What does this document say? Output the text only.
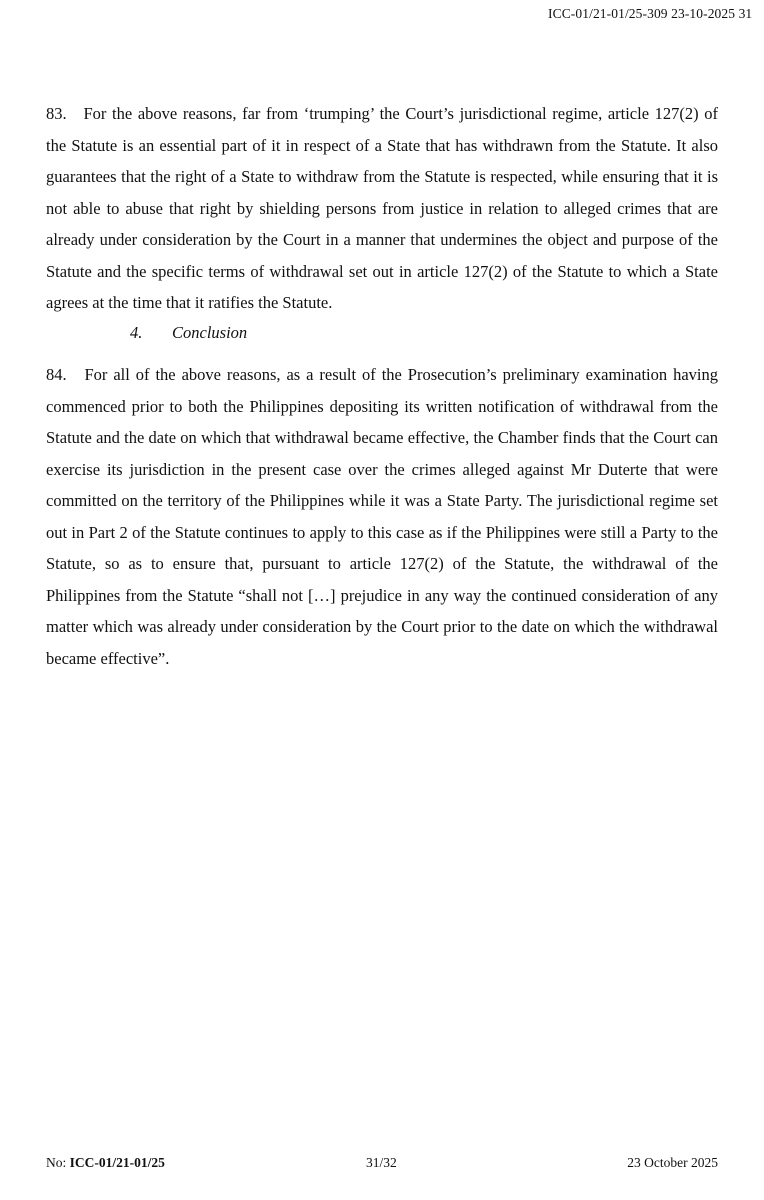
ICC-01/21-01/25-309 23-10-2025 31
83. For the above reasons, far from ‘trumping’ the Court’s jurisdictional regime, article 127(2) of the Statute is an essential part of it in respect of a State that has withdrawn from the Statute. It also guarantees that the right of a State to withdraw from the Statute is respected, while ensuring that it is not able to abuse that right by shielding persons from justice in relation to alleged crimes that are already under consideration by the Court in a manner that undermines the object and purpose of the Statute and the specific terms of withdrawal set out in article 127(2) of the Statute to which a State agrees at the time that it ratifies the Statute.
4. Conclusion
84. For all of the above reasons, as a result of the Prosecution’s preliminary examination having commenced prior to both the Philippines depositing its written notification of withdrawal from the Statute and the date on which that withdrawal became effective, the Chamber finds that the Court can exercise its jurisdiction in the present case over the crimes alleged against Mr Duterte that were committed on the territory of the Philippines while it was a State Party. The jurisdictional regime set out in Part 2 of the Statute continues to apply to this case as if the Philippines were still a Party to the Statute, so as to ensure that, pursuant to article 127(2) of the Statute, the withdrawal of the Philippines from the Statute “shall not […] prejudice in any way the continued consideration of any matter which was already under consideration by the Court prior to the date on which the withdrawal became effective”.
No: ICC-01/21-01/25	31/32	23 October 2025
